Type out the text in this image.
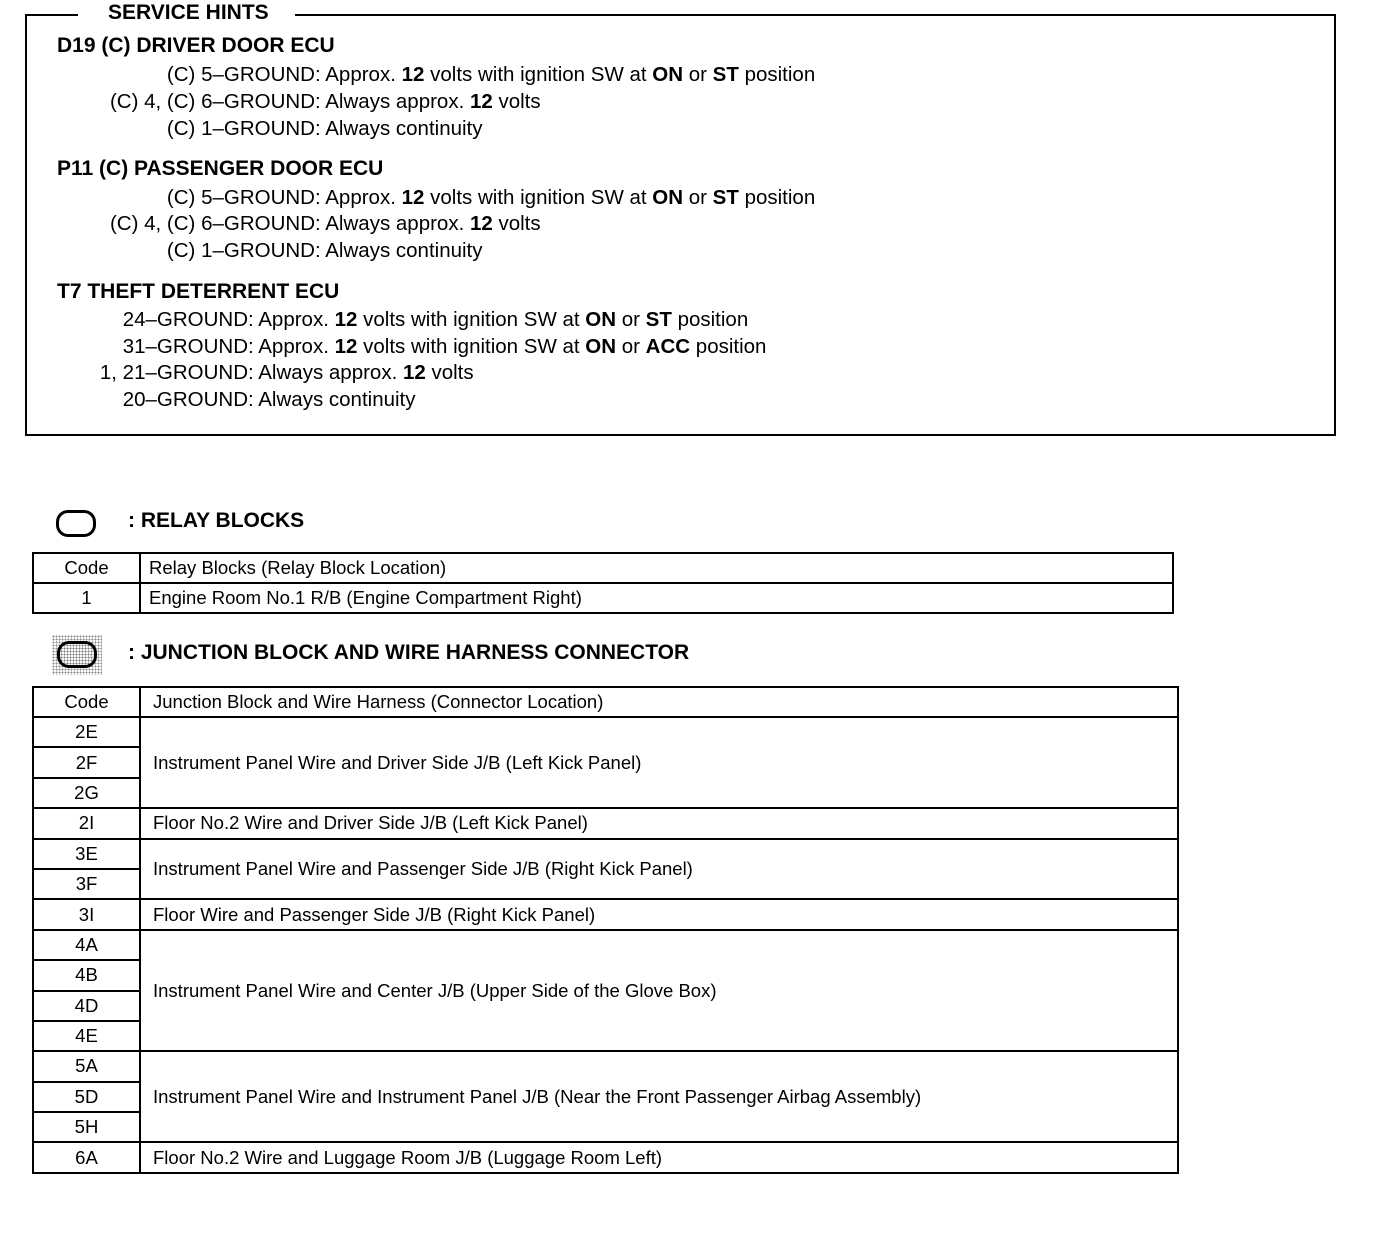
SERVICE HINTS
D19 (C) DRIVER DOOR ECU
(C) 5–GROUND : Approx. 12 volts with ignition SW at ON or ST position
(C) 4, (C) 6–GROUND : Always approx. 12 volts
(C) 1–GROUND : Always continuity
P11 (C) PASSENGER DOOR ECU
(C) 5–GROUND : Approx. 12 volts with ignition SW at ON or ST position
(C) 4, (C) 6–GROUND : Always approx. 12 volts
(C) 1–GROUND : Always continuity
T7 THEFT DETERRENT ECU
24–GROUND : Approx. 12 volts with ignition SW at ON or ST position
31–GROUND : Approx. 12 volts with ignition SW at ON or ACC position
1, 21–GROUND : Always approx. 12 volts
20–GROUND : Always continuity
: RELAY BLOCKS
Code	Relay Blocks (Relay Block Location)
1	Engine Room No.1 R/B (Engine Compartment Right)
: JUNCTION BLOCK AND WIRE HARNESS CONNECTOR
Code	Junction Block and Wire Harness (Connector Location)
2E	Instrument Panel Wire and Driver Side J/B (Left Kick Panel)
2F	
2G	
2I	Floor No.2 Wire and Driver Side J/B (Left Kick Panel)
3E	Instrument Panel Wire and Passenger Side J/B (Right Kick Panel)
3F	
3I	Floor Wire and Passenger Side J/B (Right Kick Panel)
4A	Instrument Panel Wire and Center J/B (Upper Side of the Glove Box)
4B	
4D	
4E	
5A	Instrument Panel Wire and Instrument Panel J/B (Near the Front Passenger Airbag Assembly)
5D	
5H	
6A	Floor No.2 Wire and Luggage Room J/B (Luggage Room Left)
